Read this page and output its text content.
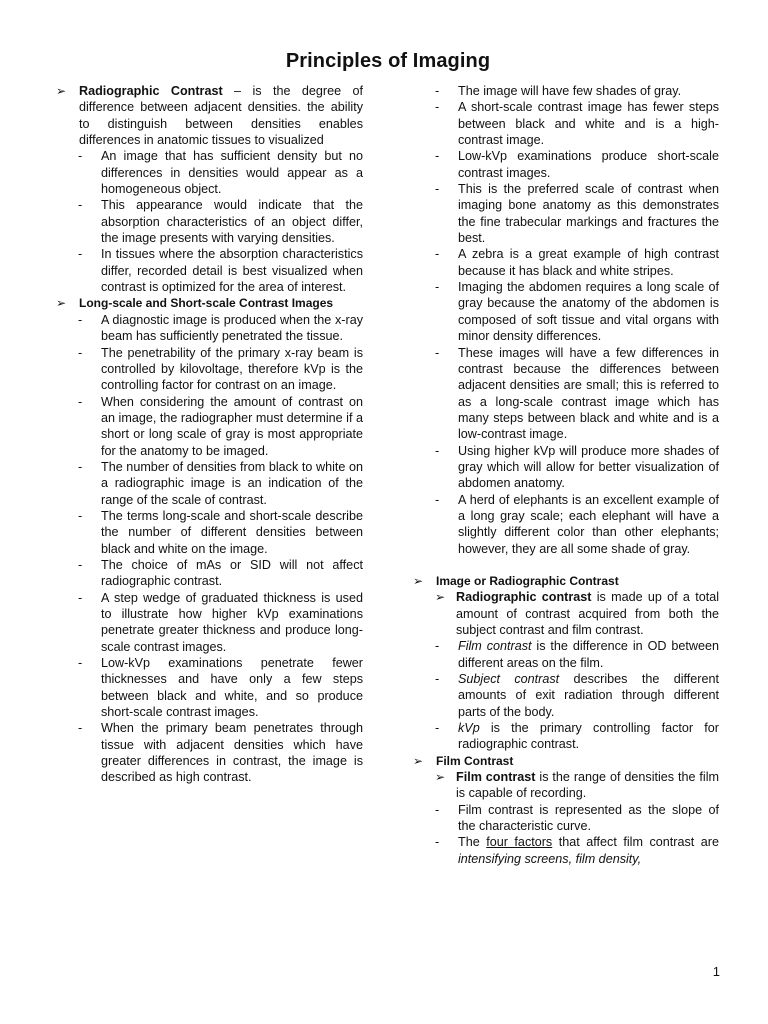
Principles of Imaging
➢	Radiographic Contrast – is the degree of difference between adjacent densities. the ability to distinguish between densities enables differences in anatomic tissues to visualized
-	An image that has sufficient density but no differences in densities would appear as a homogeneous object.
-	This appearance would indicate that the absorption characteristics of an object differ, the image presents with varying densities.
-	In tissues where the absorption characteristics differ, recorded detail is best visualized when contrast is optimized for the area of interest.
➢	Long-scale and Short-scale Contrast Images
-	A diagnostic image is produced when the x-ray beam has sufficiently penetrated the tissue.
-	The penetrability of the primary x-ray beam is controlled by kilovoltage, therefore kVp is the controlling factor for contrast on an image.
-	When considering the amount of contrast on an image, the radiographer must determine if a short or long scale of gray is most appropriate for the anatomy to be imaged.
-	The number of densities from black to white on a radiographic image is an indication of the range of the scale of contrast.
-	The terms long-scale and short-scale describe the number of different densities between black and white on the image.
-	The choice of mAs or SID will not affect radiographic contrast.
-	A step wedge of graduated thickness is used to illustrate how higher kVp examinations penetrate greater thickness and produce long-scale contrast images.
-	Low-kVp examinations penetrate fewer thicknesses and have only a few steps between black and white, and so produce short-scale contrast images.
-	When the primary beam penetrates through tissue with adjacent densities which have greater differences in contrast, the image is described as high contrast.
-	The image will have few shades of gray.
-	A short-scale contrast image has fewer steps between black and white and is a high-contrast image.
-	Low-kVp examinations produce short-scale contrast images.
-	This is the preferred scale of contrast when imaging bone anatomy as this demonstrates the fine trabecular markings and fractures the best.
-	A zebra is a great example of high contrast because it has black and white stripes.
-	Imaging the abdomen requires a long scale of gray because the anatomy of the abdomen is composed of soft tissue and vital organs with minor density differences.
-	These images will have a few differences in contrast because the differences between adjacent densities are small; this is referred to as a long-scale contrast image which has many steps between black and white and is a low-contrast image.
-	Using higher kVp will produce more shades of gray which will allow for better visualization of abdomen anatomy.
-	A herd of elephants is an excellent example of a long gray scale; each elephant will have a slightly different color than other elephants; however, they are all some shade of gray.
➢	Image or Radiographic Contrast
➢ Radiographic contrast is made up of a total amount of contrast acquired from both the subject contrast and film contrast.
-	Film contrast is the difference in OD between different areas on the film.
-	Subject contrast describes the different amounts of exit radiation through different parts of the body.
-	kVp is the primary controlling factor for radiographic contrast.
➢	Film Contrast
➢ Film contrast is the range of densities the film is capable of recording.
-	Film contrast is represented as the slope of the characteristic curve.
-	The four factors that affect film contrast are intensifying screens, film density,
1
